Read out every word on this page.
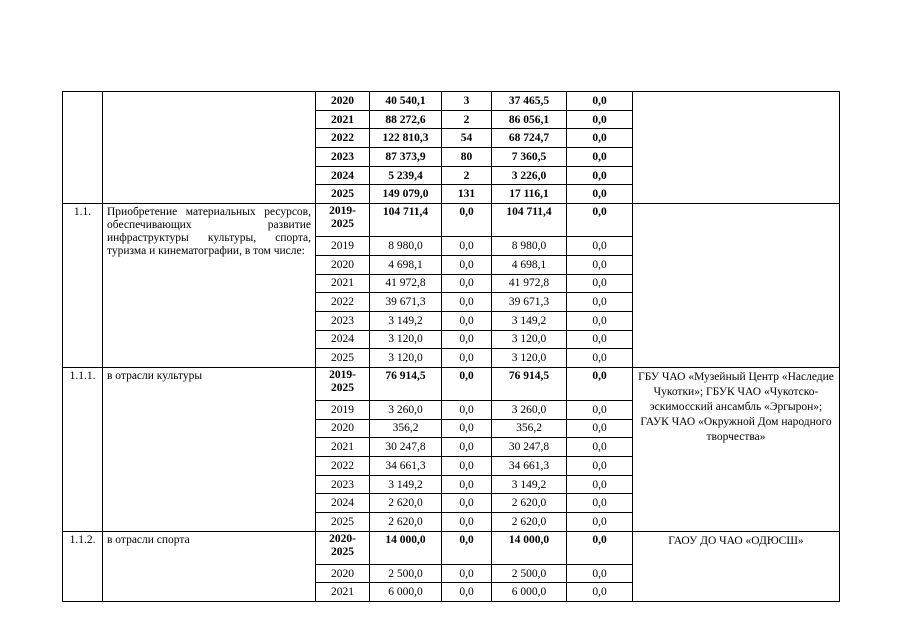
		2020	40 540,1	3	37 465,5	0,0	
		2021	88 272,6	2	86 056,1	0,0	
		2022	122 810,3	54	68 724,7	0,0	
		2023	87 373,9	80	7 360,5	0,0	
		2024	5 239,4	2	3 226,0	0,0	
		2025	149 079,0	131	17 116,1	0,0	
1.1.	Приобретение материальных ресурсов, обеспечивающих развитие инфраструктуры культуры, спорта, туризма и кинематографии, в том числе:	2019-2025	104 711,4	0,0	104 711,4	0,0	
		2019	8 980,0	0,0	8 980,0	0,0	
		2020	4 698,1	0,0	4 698,1	0,0	
		2021	41 972,8	0,0	41 972,8	0,0	
		2022	39 671,3	0,0	39 671,3	0,0	
		2023	3 149,2	0,0	3 149,2	0,0	
		2024	3 120,0	0,0	3 120,0	0,0	
		2025	3 120,0	0,0	3 120,0	0,0	
1.1.1.	в отрасли культуры	2019-2025	76 914,5	0,0	76 914,5	0,0	ГБУ ЧАО «Музейный Центр «Наследие Чукотки»; ГБУК ЧАО «Чукотско-эскимосский ансамбль «Эргырон»; ГАУК ЧАО «Окружной Дом народного творчества»
		2019	3 260,0	0,0	3 260,0	0,0	
		2020	356,2	0,0	356,2	0,0	
		2021	30 247,8	0,0	30 247,8	0,0	
		2022	34 661,3	0,0	34 661,3	0,0	
		2023	3 149,2	0,0	3 149,2	0,0	
		2024	2 620,0	0,0	2 620,0	0,0	
		2025	2 620,0	0,0	2 620,0	0,0	
1.1.2.	в отрасли спорта	2020-2025	14 000,0	0,0	14 000,0	0,0	ГАОУ ДО ЧАО «ОДЮСШ»
		2020	2 500,0	0,0	2 500,0	0,0	
		2021	6 000,0	0,0	6 000,0	0,0	
